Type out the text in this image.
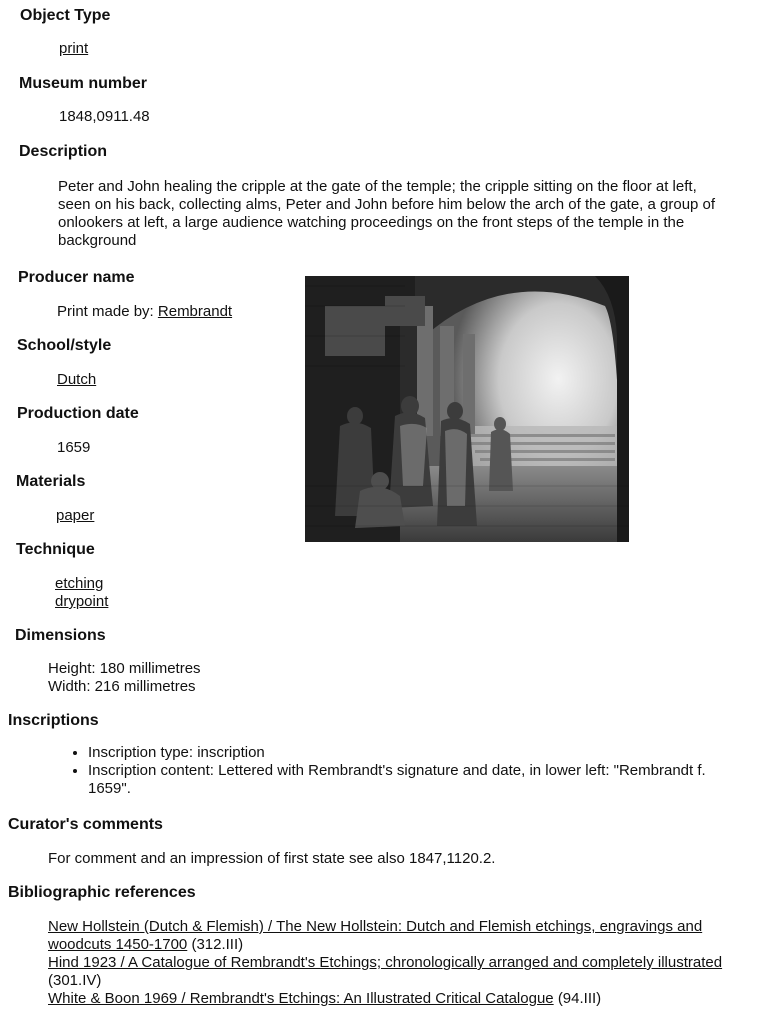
Object Type
print
Museum number
1848,0911.48
Description
Peter and John healing the cripple at the gate of the temple; the cripple sitting on the floor at left, seen on his back, collecting alms, Peter and John before him below the arch of the gate, a group of onlookers at left, a large audience watching proceedings on the front steps of the temple in the background
Producer name
Print made by: Rembrandt
School/style
Dutch
Production date
1659
Materials
paper
Technique
etching
drypoint
Dimensions
Height: 180 millimetres
Width: 216 millimetres
Inscriptions
• Inscription type: inscription
• Inscription content: Lettered with Rembrandt's signature and date, in lower left: "Rembrandt f. 1659".
Curator's comments
For comment and an impression of first state see also 1847,1120.2.
Bibliographic references
New Hollstein (Dutch & Flemish) / The New Hollstein: Dutch and Flemish etchings, engravings and woodcuts 1450-1700 (312.III)
Hind 1923 / A Catalogue of Rembrandt's Etchings; chronologically arranged and completely illustrated (301.IV)
White & Boon 1969 / Rembrandt's Etchings: An Illustrated Critical Catalogue (94.III)
